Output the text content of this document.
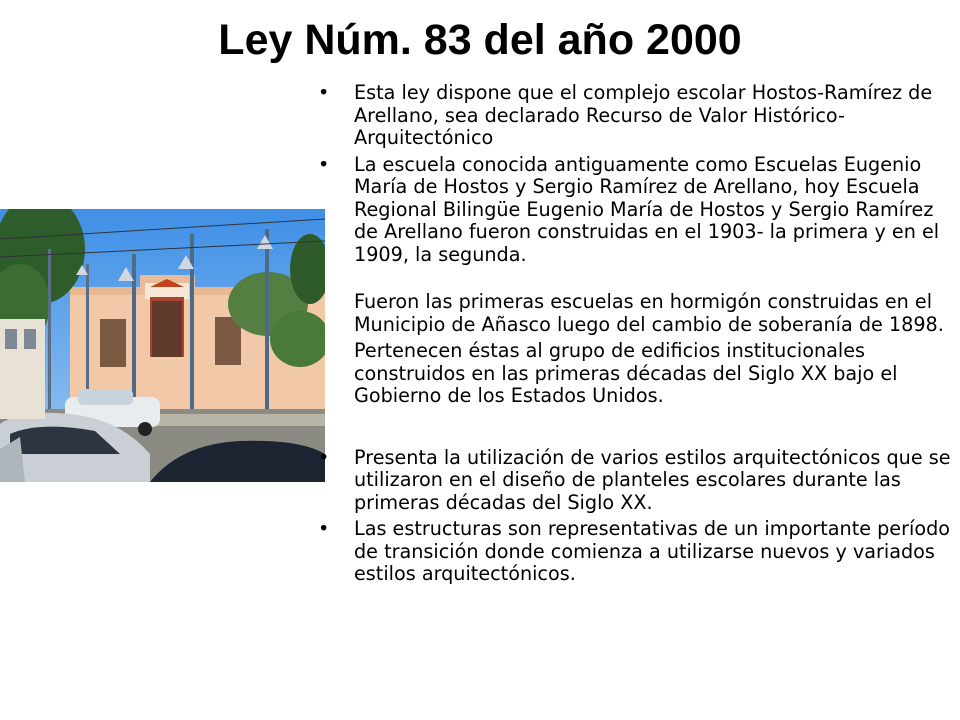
Ley Núm. 83 del año 2000
• Esta ley dispone que el complejo escolar Hostos-Ramírez de Arellano, sea declarado Recurso de Valor Histórico-Arquitectónico
• La escuela conocida antiguamente como Escuelas Eugenio María de Hostos y Sergio Ramírez de Arellano, hoy Escuela Regional Bilingüe Eugenio María de Hostos y Sergio Ramírez de Arellano fueron construidas en el 1903- la primera y en el 1909, la segunda.
Fueron las primeras escuelas en hormigón construidas en el Municipio de Añasco luego del cambio de soberanía de 1898.
Pertenecen éstas al grupo de edificios institucionales construidos en las primeras décadas del Siglo XX bajo el Gobierno de los Estados Unidos.
• Presenta la utilización de varios estilos arquitectónicos que se utilizaron en el diseño de planteles escolares durante las primeras décadas del Siglo XX.
• Las estructuras son representativas de un importante período de transición donde comienza a utilizarse nuevos y variados estilos arquitectónicos.
